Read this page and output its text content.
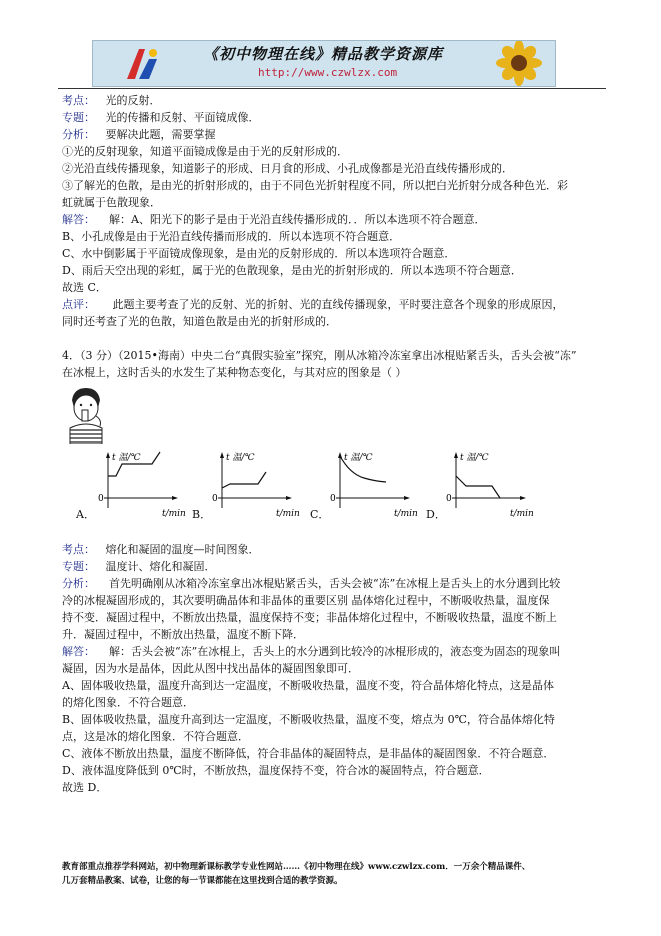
《初中物理在线》精品教学资源库
http://www.czwlzx.com
考点： 光的反射．
专题： 光的传播和反射、平面镜成像．
分析： 要解决此题，需要掌握
①光的反射现象，知道平面镜成像是由于光的反射形成的．
②光沿直线传播现象，知道影子的形成、日月食的形成、小孔成像都是光沿直线传播形成的．
③了解光的色散，是由光的折射形成的，由于不同色光折射程度不同，所以把白光折射分成各种色光．彩
虹就属于色散现象．
解答： 解：A、阳光下的影子是由于光沿直线传播形成的．．所以本选项不符合题意．
B、小孔成像是由于光沿直线传播而形成的．所以本选项不符合题意．
C、水中倒影属于平面镜成像现象，是由光的反射形成的．所以本选项符合题意．
D、雨后天空出现的彩虹，属于光的色散现象，是由光的折射形成的．所以本选项不符合题意．
故选 C．
点评： 此题主要考查了光的反射、光的折射、光的直线传播现象，平时要注意各个现象的形成原因，
同时还考查了光的色散，知道色散是由光的折射形成的．
4．（3 分）（2015•海南）中央二台“真假实验室”探究，刚从冰箱冷冻室拿出冰棍贴紧舌头，舌头会被“冻”
在冰棍上，这时舌头的水发生了某种物态变化，与其对应的图象是（ ）
A．	B．	C．	D．
t 温/℃
0
t/min
t 温/℃
0
t/min
t 温/℃
0
t/min
t 温/℃
0
t/min
考点： 熔化和凝固的温度—时间图象．
专题： 温度计、熔化和凝固．
分析： 首先明确刚从冰箱冷冻室拿出冰棍贴紧舌头，舌头会被“冻”在冰棍上是舌头上的水分遇到比较
冷的冰棍凝固形成的，其次要明确晶体和非晶体的重要区别 晶体熔化过程中，不断吸收热量，温度保
持不变．凝固过程中，不断放出热量，温度保持不变；非晶体熔化过程中，不断吸收热量，温度不断上
升．凝固过程中，不断放出热量，温度不断下降．
解答： 解：舌头会被“冻”在冰棍上，舌头上的水分遇到比较冷的冰棍形成的，液态变为固态的现象叫
凝固，因为水是晶体，因此从图中找出晶体的凝固图象即可．
A、固体吸收热量，温度升高到达一定温度，不断吸收热量，温度不变，符合晶体熔化特点，这是晶体
的熔化图象．不符合题意．
B、固体吸收热量，温度升高到达一定温度，不断吸收热量，温度不变，熔点为 0℃，符合晶体熔化特
点，这是冰的熔化图象．不符合题意．
C、液体不断放出热量，温度不断降低，符合非晶体的凝固特点，是非晶体的凝固图象．不符合题意．
D、液体温度降低到 0℃时，不断放热，温度保持不变，符合冰的凝固特点，符合题意．
故选 D．
教育部重点推荐学科网站，初中物理新课标教学专业性网站……《初中物理在线》www.czwlzx.com．一万余个精品课件、
几万套精品教案、试卷，让您的每一节课都能在这里找到合适的教学资源。
